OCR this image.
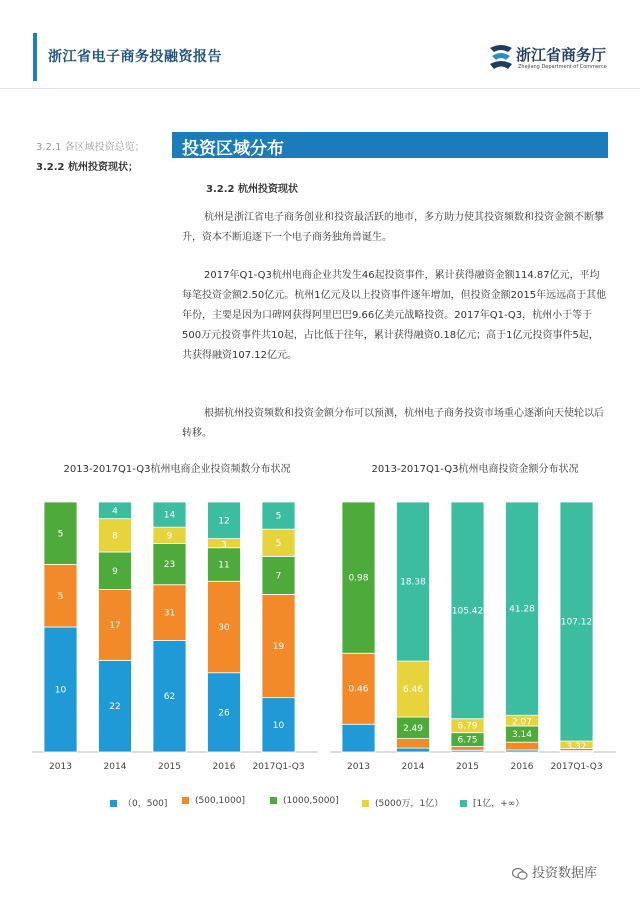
浙江省电子商务投融资报告	浙江省商务厅
Zhejiang Department of Commerce
3.2.1 各区域投资总览；
3.2.2 杭州投资现状；
投资区域分布
3.2.2 杭州投资现状
杭州是浙江省电子商务创业和投资最活跃的地市，多方助力使其投资频数和投资金额不断攀升，资本不断追逐下一个电子商务独角兽诞生。
2017年Q1-Q3杭州电商企业共发生46起投资事件，累计获得融资金额114.87亿元，平均每笔投资金额2.50亿元。杭州1亿元及以上投资事件逐年增加，但投资金额2015年远远高于其他年份，主要是因为口碑网获得阿里巴巴9.66亿美元战略投资。2017年Q1-Q3，杭州小于等于500万元投资事件共10起，占比低于往年，累计获得融资0.18亿元；高于1亿元投资事件5起，共获得融资107.12亿元。
根据杭州投资频数和投资金额分布可以预测，杭州电子商务投资市场重心逐渐向天使轮以后转移。
2013-2017Q1-Q3杭州电商企业投资频数分布状况
10
5
5
2013
22
17
9
8
4
2014
62
31
23
9
14
2015
26
30
11
3
12
2016
10
19
7
5
5
2017Q1-Q3
2013-2017Q1-Q3杭州电商投资金额分布状况
0.46
0.98
2013
2.49
6.46
18.38
2014
6.75
6.79
105.42
2015
3.14
2.07
41.28
2016
3.32
107.12
2017Q1-Q3
（0，500]	(500,1000]	(1000,5000]	(5000万，1亿）	[1亿，+∞）
投资数据库
